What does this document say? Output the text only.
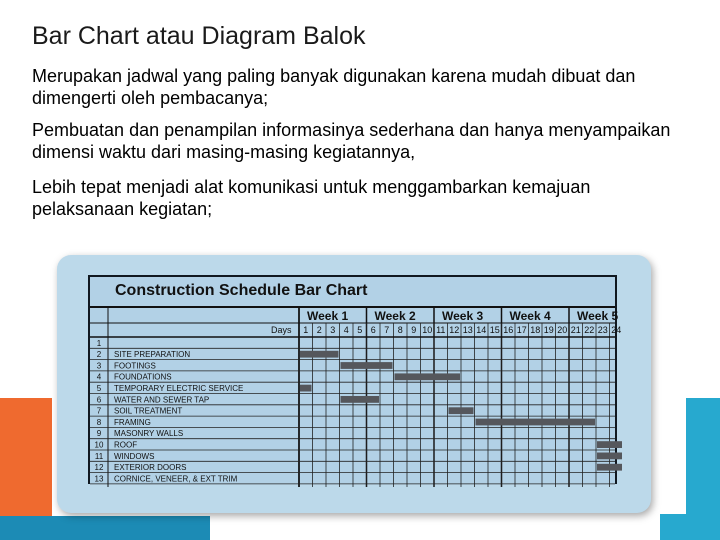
Bar Chart atau Diagram Balok

Merupakan jadwal yang paling banyak digunakan karena mudah dibuat dan dimengerti oleh pembacanya;

Pembuatan dan penampilan informasinya sederhana dan hanya menyampaikan dimensi waktu dari masing-masing kegiatannya,

Lebih tepat menjadi alat komunikasi untuk menggambarkan kemajuan pelaksanaan kegiatan;

Construction Schedule Bar Chart
Week 1 Week 2 Week 3 Week 4 Week 5
Days 1 2 3 4 5 6 7 8 9 10 11 12 13 14 15 16 17 18 19 20 21 22 23 24
1
2 SITE PREPARATION
3 FOOTINGS
4 FOUNDATIONS
5 TEMPORARY ELECTRIC SERVICE
6 WATER AND SEWER TAP
7 SOIL TREATMENT
8 FRAMING
9 MASONRY WALLS
10 ROOF
11 WINDOWS
12 EXTERIOR DOORS
13 CORNICE, VENEER, & EXT TRIM
